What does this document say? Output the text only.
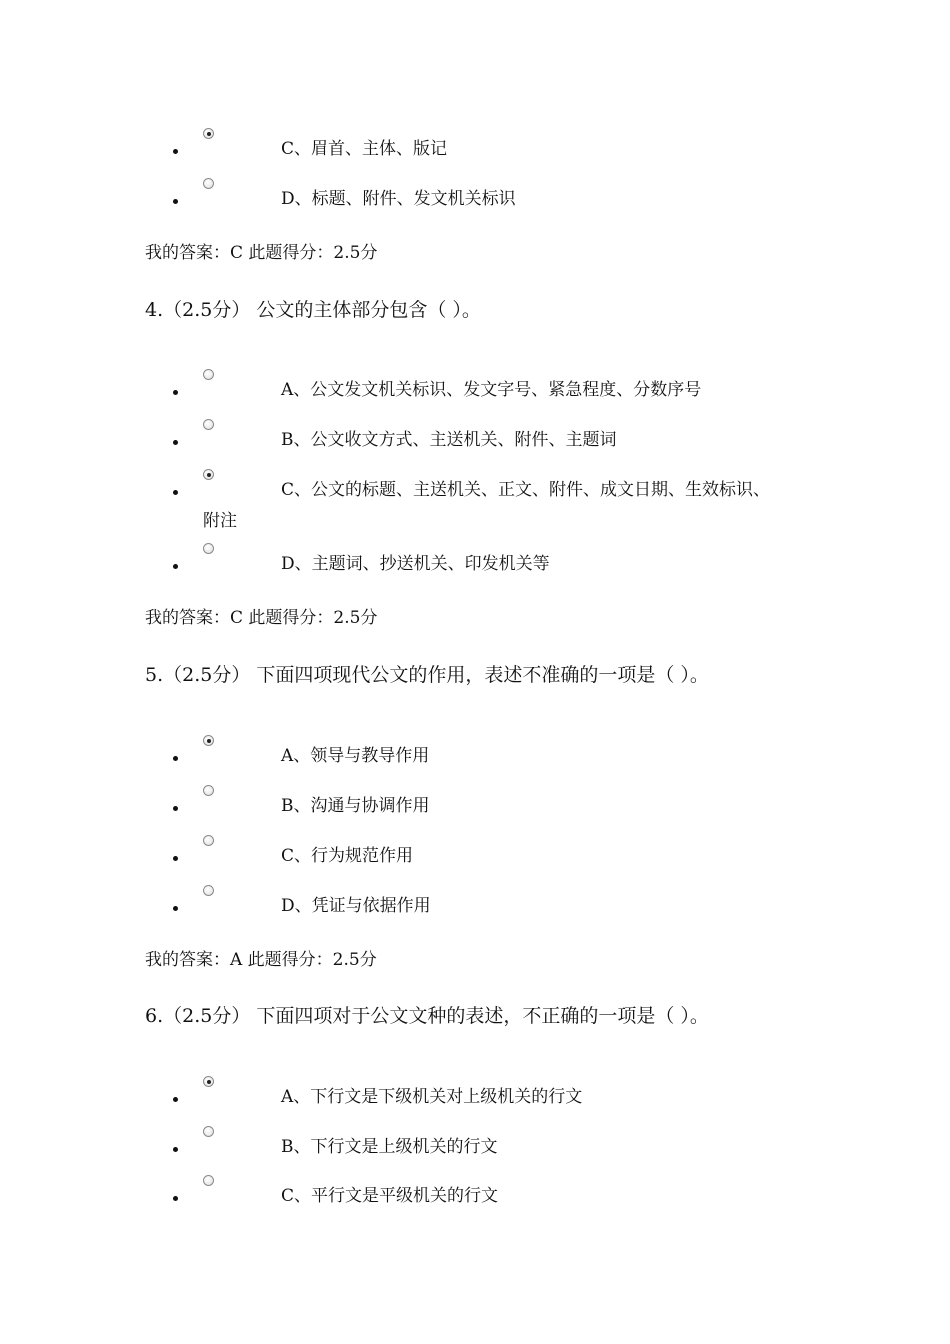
C、眉首、主体、版记
D、标题、附件、发文机关标识
我的答案：C 此题得分：2.5分
4.（2.5分） 公文的主体部分包含（ ）。
A、公文发文机关标识、发文字号、紧急程度、分数序号
B、公文收文方式、主送机关、附件、主题词
C、公文的标题、主送机关、正文、附件、成文日期、生效标识、
附注
D、主题词、抄送机关、印发机关等
我的答案：C 此题得分：2.5分
5.（2.5分） 下面四项现代公文的作用，表述不准确的一项是（ ）。
A、领导与教导作用
B、沟通与协调作用
C、行为规范作用
D、凭证与依据作用
我的答案：A 此题得分：2.5分
6.（2.5分） 下面四项对于公文文种的表述，不正确的一项是（ ）。
A、下行文是下级机关对上级机关的行文
B、下行文是上级机关的行文
C、平行文是平级机关的行文
